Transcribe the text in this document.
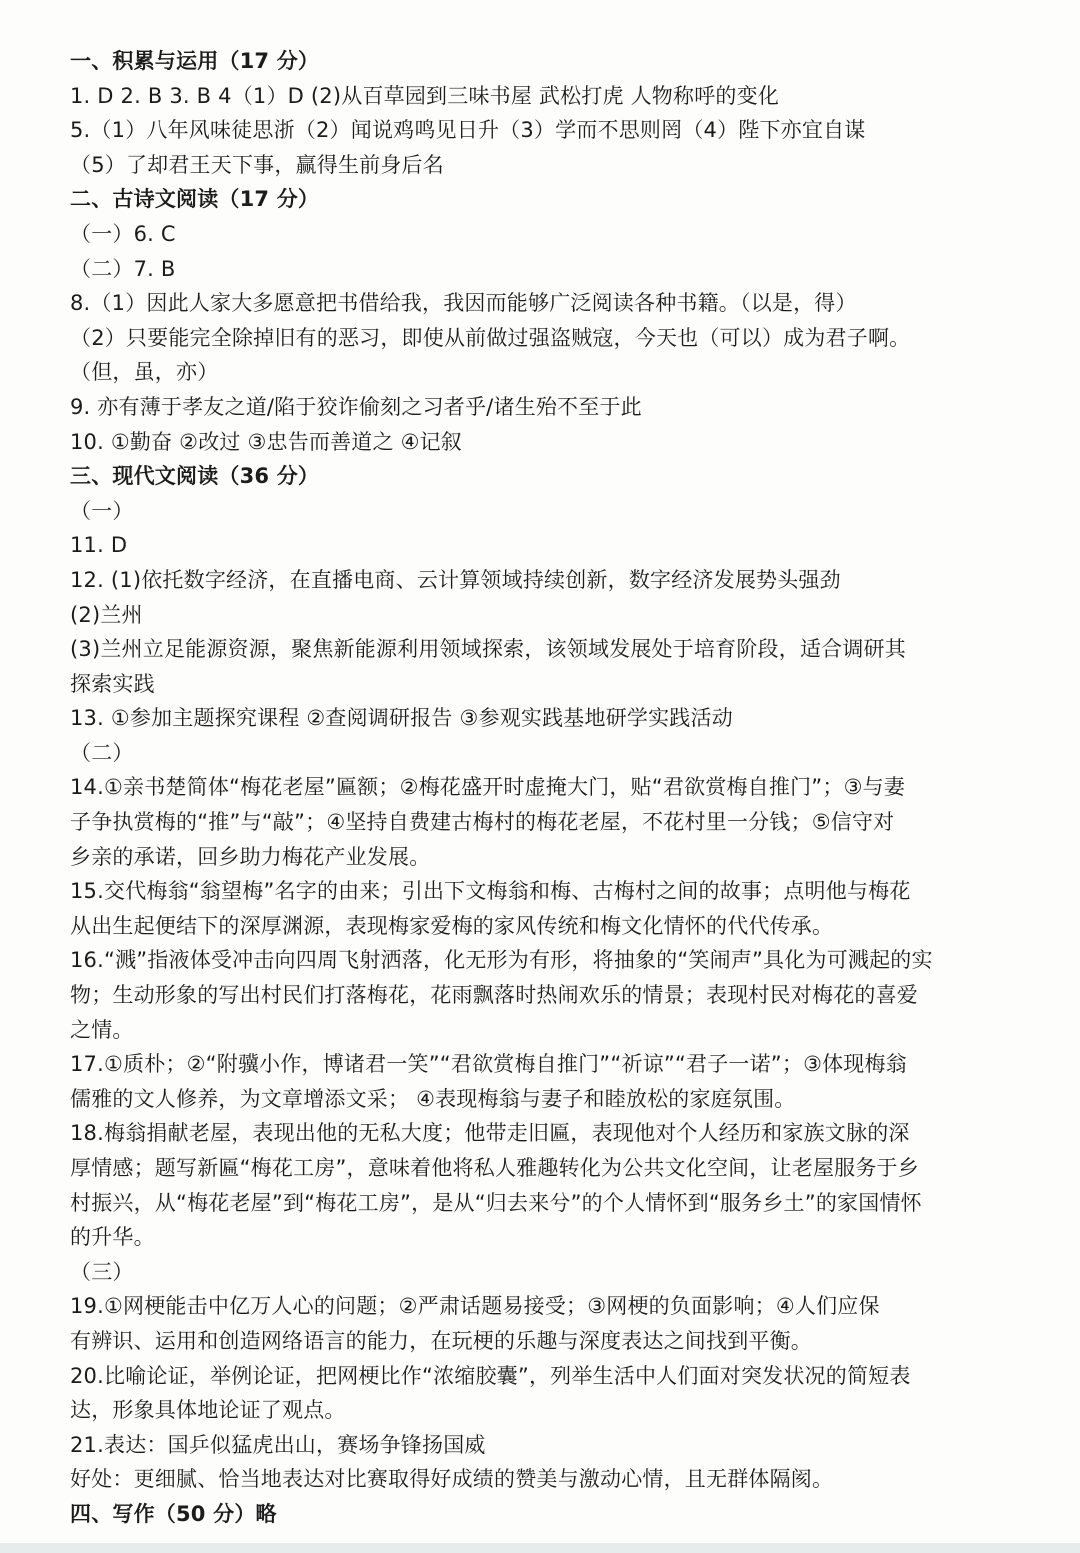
一、积累与运用（17 分）
1. D 2. B 3. B 4（1）D (2)从百草园到三味书屋 武松打虎 人物称呼的变化
5.（1）八年风味徒思浙（2）闻说鸡鸣见日升（3）学而不思则罔（4）陛下亦宜自谋
（5）了却君王天下事，赢得生前身后名
二、古诗文阅读（17 分）
（一）6. C
（二）7. B
8.（1）因此人家大多愿意把书借给我，我因而能够广泛阅读各种书籍。（以是，得）
（2）只要能完全除掉旧有的恶习，即使从前做过强盗贼寇，今天也（可以）成为君子啊。
（但，虽，亦）
9. 亦有薄于孝友之道/陷于狡诈偷刻之习者乎/诸生殆不至于此
10. ①勤奋 ②改过 ③忠告而善道之 ④记叙
三、现代文阅读（36 分）
（一）
11. D
12. (1)依托数字经济，在直播电商、云计算领域持续创新，数字经济发展势头强劲
(2)兰州
(3)兰州立足能源资源，聚焦新能源利用领域探索，该领域发展处于培育阶段，适合调研其
探索实践
13. ①参加主题探究课程 ②查阅调研报告 ③参观实践基地研学实践活动
（二）
14.①亲书楚简体“梅花老屋”匾额；②梅花盛开时虚掩大门，贴“君欲赏梅自推门”；③与妻
子争执赏梅的“推”与“敲”；④坚持自费建古梅村的梅花老屋，不花村里一分钱；⑤信守对
乡亲的承诺，回乡助力梅花产业发展。
15.交代梅翁“翁望梅”名字的由来；引出下文梅翁和梅、古梅村之间的故事；点明他与梅花
从出生起便结下的深厚渊源，表现梅家爱梅的家风传统和梅文化情怀的代代传承。
16.“溅”指液体受冲击向四周飞射洒落，化无形为有形，将抽象的“笑闹声”具化为可溅起的实
物；生动形象的写出村民们打落梅花，花雨飘落时热闹欢乐的情景；表现村民对梅花的喜爱
之情。
17.①质朴；②“附骥小作，博诸君一笑”“君欲赏梅自推门”“祈谅”“君子一诺”；③体现梅翁
儒雅的文人修养，为文章增添文采； ④表现梅翁与妻子和睦放松的家庭氛围。
18.梅翁捐献老屋，表现出他的无私大度；他带走旧匾，表现他对个人经历和家族文脉的深
厚情感；题写新匾“梅花工房”，意味着他将私人雅趣转化为公共文化空间，让老屋服务于乡
村振兴，从“梅花老屋”到“梅花工房”，是从“归去来兮”的个人情怀到“服务乡土”的家国情怀
的升华。
（三）
19.①网梗能击中亿万人心的问题；②严肃话题易接受；③网梗的负面影响；④人们应保
有辨识、运用和创造网络语言的能力，在玩梗的乐趣与深度表达之间找到平衡。
20.比喻论证，举例论证，把网梗比作“浓缩胶囊”，列举生活中人们面对突发状况的简短表
达，形象具体地论证了观点。
21.表达：国乒似猛虎出山，赛场争锋扬国威
好处：更细腻、恰当地表达对比赛取得好成绩的赞美与激动心情，且无群体隔阂。
四、写作（50 分）略
